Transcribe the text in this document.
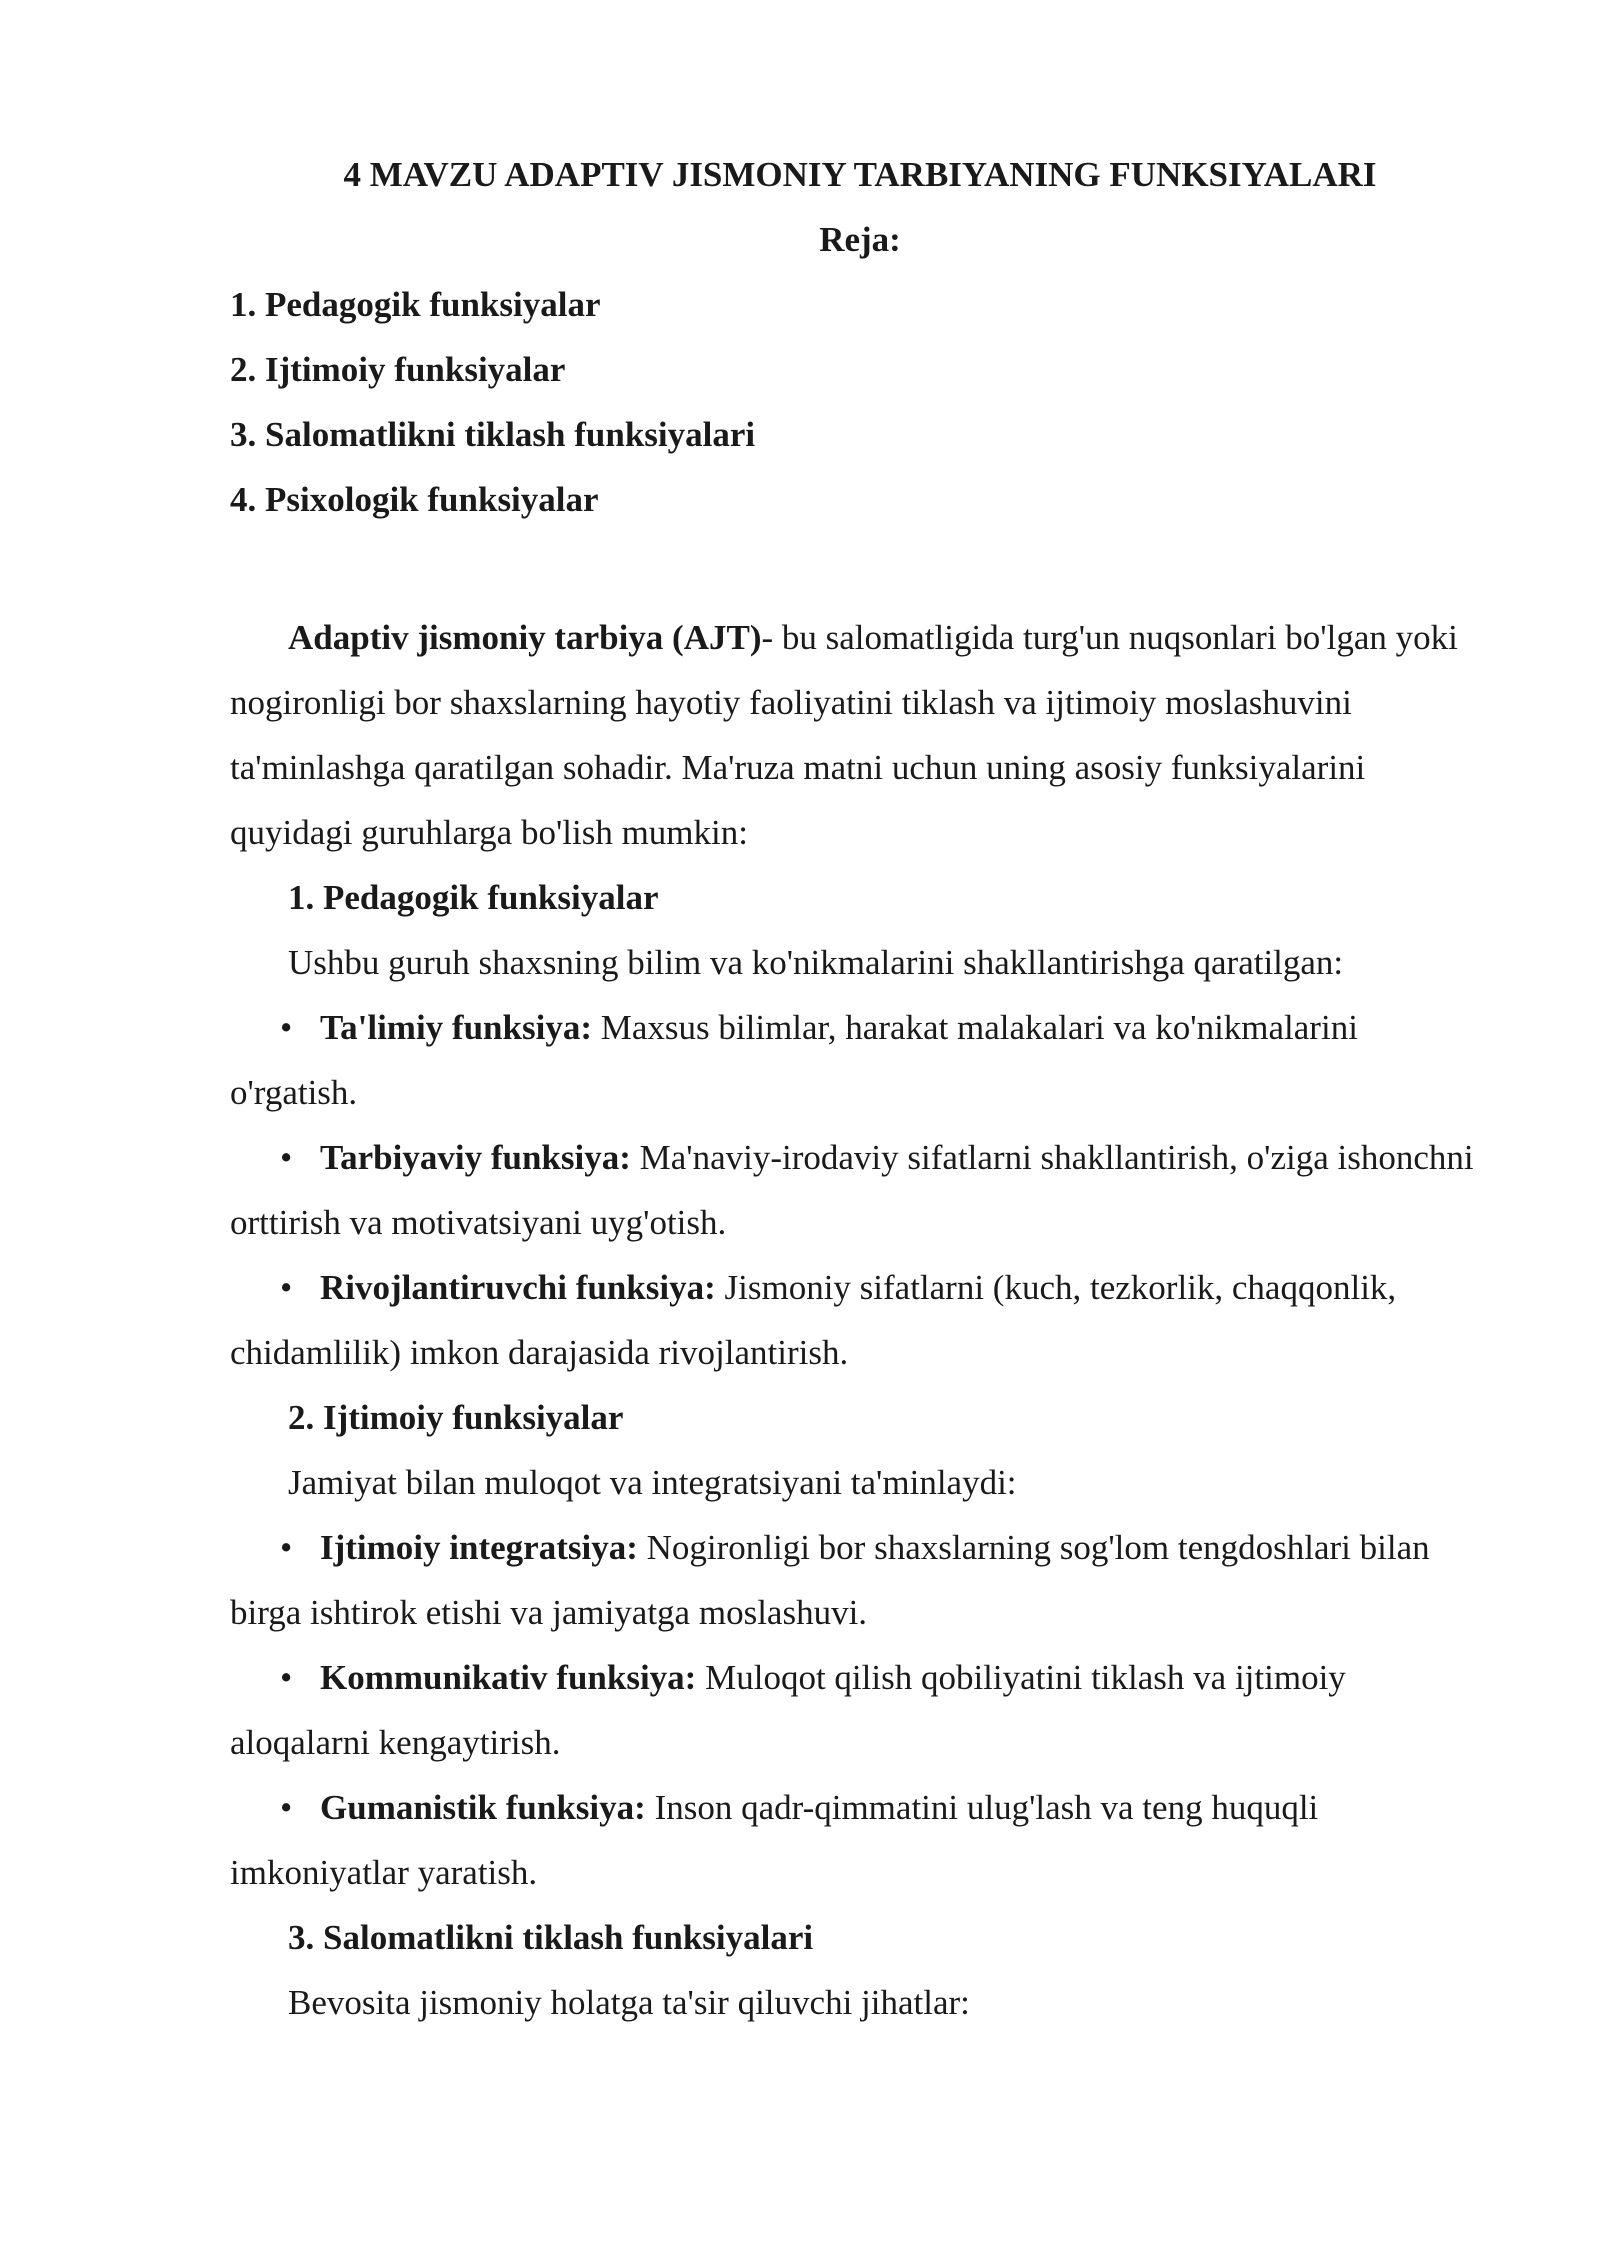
4 MAVZU ADAPTIV JISMONIY TARBIYANING FUNKSIYALARI
Reja:
1. Pedagogik funksiyalar
2. Ijtimoiy funksiyalar
3. Salomatlikni tiklash funksiyalari
4. Psixologik funksiyalar

Adaptiv jismoniy tarbiya (AJT)- bu salomatligida turg'un nuqsonlari bo'lgan yoki nogironligi bor shaxslarning hayotiy faoliyatini tiklash va ijtimoiy moslashuvini ta'minlashga qaratilgan sohadir. Ma'ruza matni uchun uning asosiy funksiyalarini quyidagi guruhlarga bo'lish mumkin:

1. Pedagogik funksiyalar

Ushbu guruh shaxsning bilim va ko'nikmalarini shakllantirishga qaratilgan:

• Ta'limiy funksiya: Maxsus bilimlar, harakat malakalari va ko'nikmalarini o'rgatish.

• Tarbiyaviy funksiya: Ma'naviy-irodaviy sifatlarni shakllantirish, o'ziga ishonchni orttirish va motivatsiyani uyg'otish.

• Rivojlantiruvchi funksiya: Jismoniy sifatlarni (kuch, tezkorlik, chaqqonlik, chidamlilik) imkon darajasida rivojlantirish.

2. Ijtimoiy funksiyalar

Jamiyat bilan muloqot va integratsiyani ta'minlaydi:

• Ijtimoiy integratsiya: Nogironligi bor shaxslarning sog'lom tengdoshlari bilan birga ishtirok etishi va jamiyatga moslashuvi.

• Kommunikativ funksiya: Muloqot qilish qobiliyatini tiklash va ijtimoiy aloqalarni kengaytirish.

• Gumanistik funksiya: Inson qadr-qimmatini ulug'lash va teng huquqli imkoniyatlar yaratish.

3. Salomatlikni tiklash funksiyalari

Bevosita jismoniy holatga ta'sir qiluvchi jihatlar:
